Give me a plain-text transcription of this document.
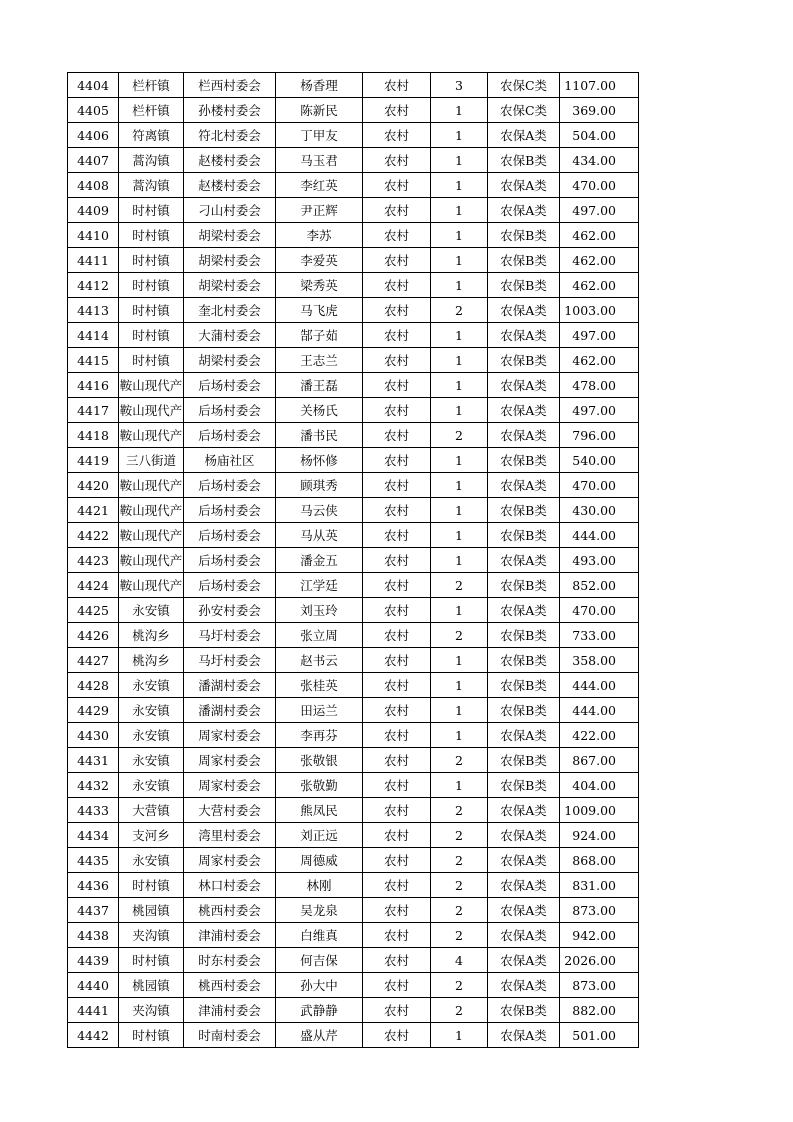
4404	栏杆镇	栏西村委会	杨香理	农村	3	农保C类	1107.00
4405	栏杆镇	孙楼村委会	陈新民	农村	1	农保C类	369.00
4406	符离镇	符北村委会	丁甲友	农村	1	农保A类	504.00
4407	蒿沟镇	赵楼村委会	马玉君	农村	1	农保B类	434.00
4408	蒿沟镇	赵楼村委会	李红英	农村	1	农保A类	470.00
4409	时村镇	刁山村委会	尹正辉	农村	1	农保A类	497.00
4410	时村镇	胡梁村委会	李苏	农村	1	农保B类	462.00
4411	时村镇	胡梁村委会	李爱英	农村	1	农保B类	462.00
4412	时村镇	胡梁村委会	梁秀英	农村	1	农保B类	462.00
4413	时村镇	奎北村委会	马飞虎	农村	2	农保A类	1003.00
4414	时村镇	大蒲村委会	郜子茹	农村	1	农保A类	497.00
4415	时村镇	胡梁村委会	王志兰	农村	1	农保B类	462.00
4416	鞍山现代产	后场村委会	潘王磊	农村	1	农保A类	478.00
4417	鞍山现代产	后场村委会	关杨氏	农村	1	农保A类	497.00
4418	鞍山现代产	后场村委会	潘书民	农村	2	农保A类	796.00
4419	三八街道	杨庙社区	杨怀修	农村	1	农保B类	540.00
4420	鞍山现代产	后场村委会	顾琪秀	农村	1	农保A类	470.00
4421	鞍山现代产	后场村委会	马云侠	农村	1	农保B类	430.00
4422	鞍山现代产	后场村委会	马从英	农村	1	农保B类	444.00
4423	鞍山现代产	后场村委会	潘金五	农村	1	农保A类	493.00
4424	鞍山现代产	后场村委会	江学廷	农村	2	农保B类	852.00
4425	永安镇	孙安村委会	刘玉玲	农村	1	农保A类	470.00
4426	桃沟乡	马圩村委会	张立周	农村	2	农保B类	733.00
4427	桃沟乡	马圩村委会	赵书云	农村	1	农保B类	358.00
4428	永安镇	潘湖村委会	张桂英	农村	1	农保B类	444.00
4429	永安镇	潘湖村委会	田运兰	农村	1	农保B类	444.00
4430	永安镇	周家村委会	李再芬	农村	1	农保A类	422.00
4431	永安镇	周家村委会	张敬银	农村	2	农保B类	867.00
4432	永安镇	周家村委会	张敬勤	农村	1	农保B类	404.00
4433	大营镇	大营村委会	熊凤民	农村	2	农保A类	1009.00
4434	支河乡	湾里村委会	刘正远	农村	2	农保A类	924.00
4435	永安镇	周家村委会	周德威	农村	2	农保A类	868.00
4436	时村镇	林口村委会	林刚	农村	2	农保A类	831.00
4437	桃园镇	桃西村委会	吴龙泉	农村	2	农保A类	873.00
4438	夹沟镇	津浦村委会	白维真	农村	2	农保A类	942.00
4439	时村镇	时东村委会	何吉保	农村	4	农保A类	2026.00
4440	桃园镇	桃西村委会	孙大中	农村	2	农保A类	873.00
4441	夹沟镇	津浦村委会	武静静	农村	2	农保B类	882.00
4442	时村镇	时南村委会	盛从芹	农村	1	农保A类	501.00
